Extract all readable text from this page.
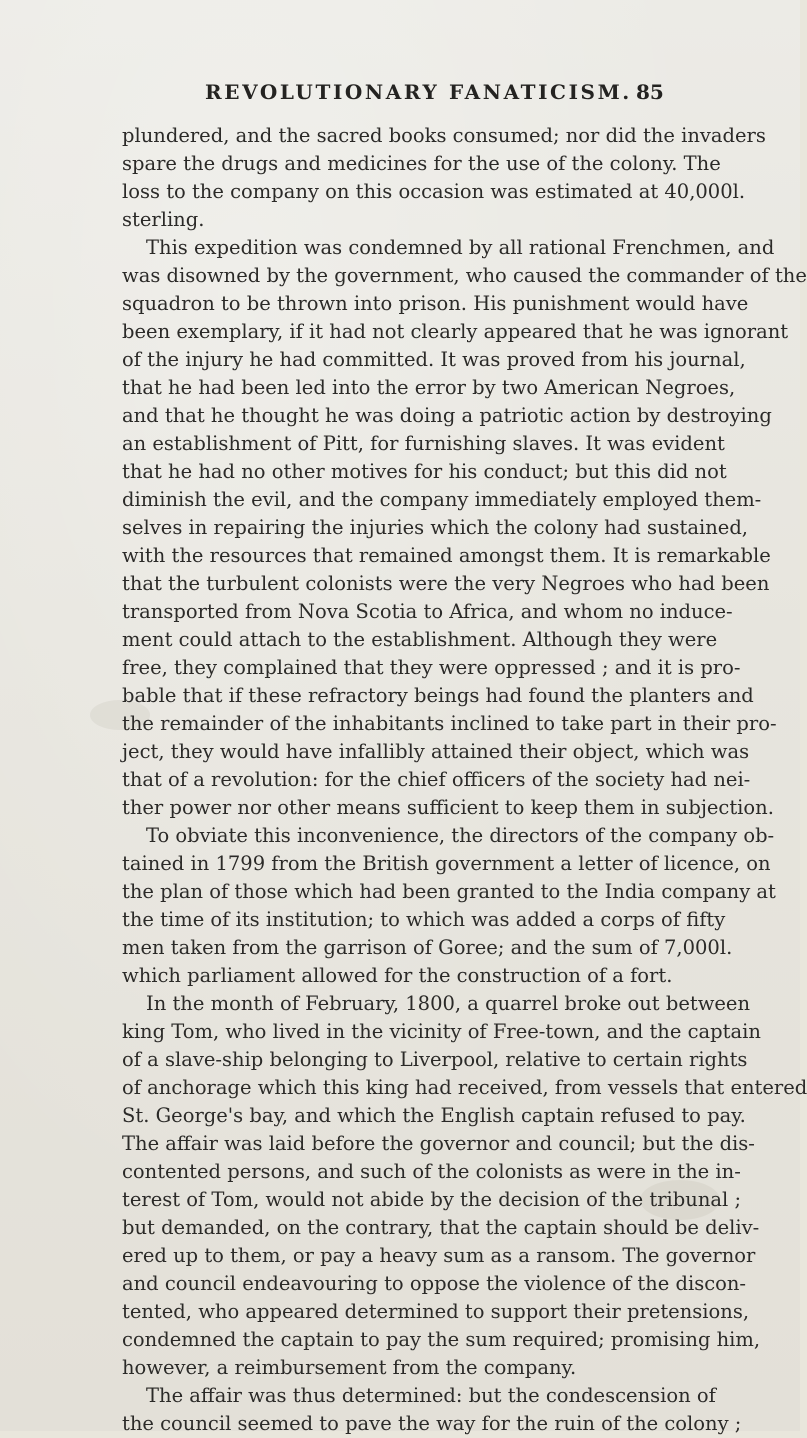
REVOLUTIONARY FANATICISM. 85
plundered, and the sacred books consumed; nor did the invaders
spare the drugs and medicines for the use of the colony. The
loss to the company on this occasion was estimated at 40,000l.
sterling.
This expedition was condemned by all rational Frenchmen, and
was disowned by the government, who caused the commander of the
squadron to be thrown into prison. His punishment would have
been exemplary, if it had not clearly appeared that he was ignorant
of the injury he had committed. It was proved from his journal,
that he had been led into the error by two American Negroes,
and that he thought he was doing a patriotic action by destroying
an establishment of Pitt, for furnishing slaves. It was evident
that he had no other motives for his conduct; but this did not
diminish the evil, and the company immediately employed them-
selves in repairing the injuries which the colony had sustained,
with the resources that remained amongst them. It is remarkable
that the turbulent colonists were the very Negroes who had been
transported from Nova Scotia to Africa, and whom no induce-
ment could attach to the establishment. Although they were
free, they complained that they were oppressed ; and it is pro-
bable that if these refractory beings had found the planters and
the remainder of the inhabitants inclined to take part in their pro-
ject, they would have infallibly attained their object, which was
that of a revolution: for the chief officers of the society had nei-
ther power nor other means sufficient to keep them in subjection.
To obviate this inconvenience, the directors of the company ob-
tained in 1799 from the British government a letter of licence, on
the plan of those which had been granted to the India company at
the time of its institution; to which was added a corps of fifty
men taken from the garrison of Goree; and the sum of 7,000l.
which parliament allowed for the construction of a fort.
In the month of February, 1800, a quarrel broke out between
king Tom, who lived in the vicinity of Free-town, and the captain
of a slave-ship belonging to Liverpool, relative to certain rights
of anchorage which this king had received, from vessels that entered
St. George's bay, and which the English captain refused to pay.
The affair was laid before the governor and council; but the dis-
contented persons, and such of the colonists as were in the in-
terest of Tom, would not abide by the decision of the tribunal ;
but demanded, on the contrary, that the captain should be deliv-
ered up to them, or pay a heavy sum as a ransom. The governor
and council endeavouring to oppose the violence of the discon-
tented, who appeared determined to support their pretensions,
condemned the captain to pay the sum required; promising him,
however, a reimbursement from the company.
The affair was thus determined: but the condescension of
the council seemed to pave the way for the ruin of the colony ;
